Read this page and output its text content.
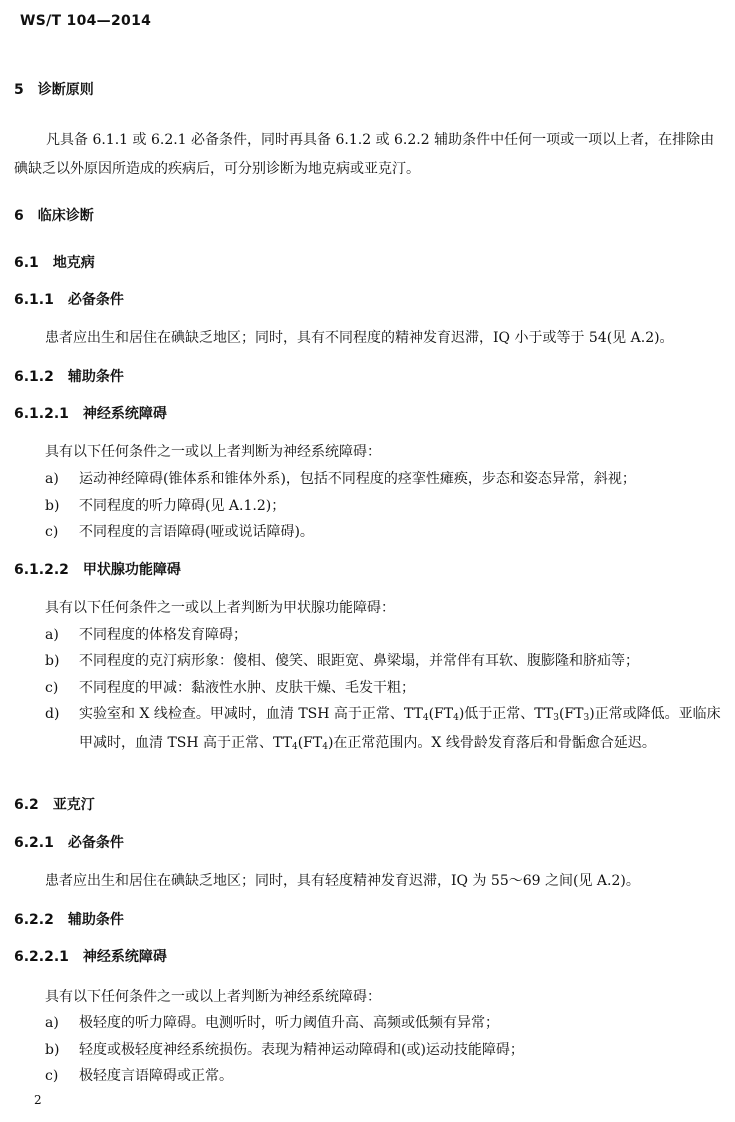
WS/T 104—2014
5 诊断原则
凡具备 6.1.1 或 6.2.1 必备条件，同时再具备 6.1.2 或 6.2.2 辅助条件中任何一项或一项以上者，在排除由碘缺乏以外原因所造成的疾病后，可分别诊断为地克病或亚克汀。
6 临床诊断
6.1 地克病
6.1.1 必备条件
患者应出生和居住在碘缺乏地区；同时，具有不同程度的精神发育迟滞，IQ 小于或等于 54(见 A.2)。
6.1.2 辅助条件
6.1.2.1 神经系统障碍
具有以下任何条件之一或以上者判断为神经系统障碍：
a)	运动神经障碍(锥体系和锥体外系)，包括不同程度的痉挛性瘫痪，步态和姿态异常，斜视；
b)	不同程度的听力障碍(见 A.1.2)；
c)	不同程度的言语障碍(哑或说话障碍)。
6.1.2.2 甲状腺功能障碍
具有以下任何条件之一或以上者判断为甲状腺功能障碍：
a)	不同程度的体格发育障碍；
b)	不同程度的克汀病形象：傻相、傻笑、眼距宽、鼻梁塌，并常伴有耳软、腹膨隆和脐疝等；
c)	不同程度的甲减：黏液性水肿、皮肤干燥、毛发干粗；
d)	实验室和 X 线检查。甲减时，血清 TSH 高于正常、$TT_4(FT_4)$低于正常、$TT_3(FT_3)$正常或降低。亚临床甲减时，血清 TSH 高于正常、$TT_4(FT_4)$在正常范围内。X 线骨龄发育落后和骨骺愈合延迟。
6.2 亚克汀
6.2.1 必备条件
患者应出生和居住在碘缺乏地区；同时，具有轻度精神发育迟滞，IQ 为 55～69 之间(见 A.2)。
6.2.2 辅助条件
6.2.2.1 神经系统障碍
具有以下任何条件之一或以上者判断为神经系统障碍：
a)	极轻度的听力障碍。电测听时，听力阈值升高、高频或低频有异常；
b)	轻度或极轻度神经系统损伤。表现为精神运动障碍和(或)运动技能障碍；
c)	极轻度言语障碍或正常。
2
